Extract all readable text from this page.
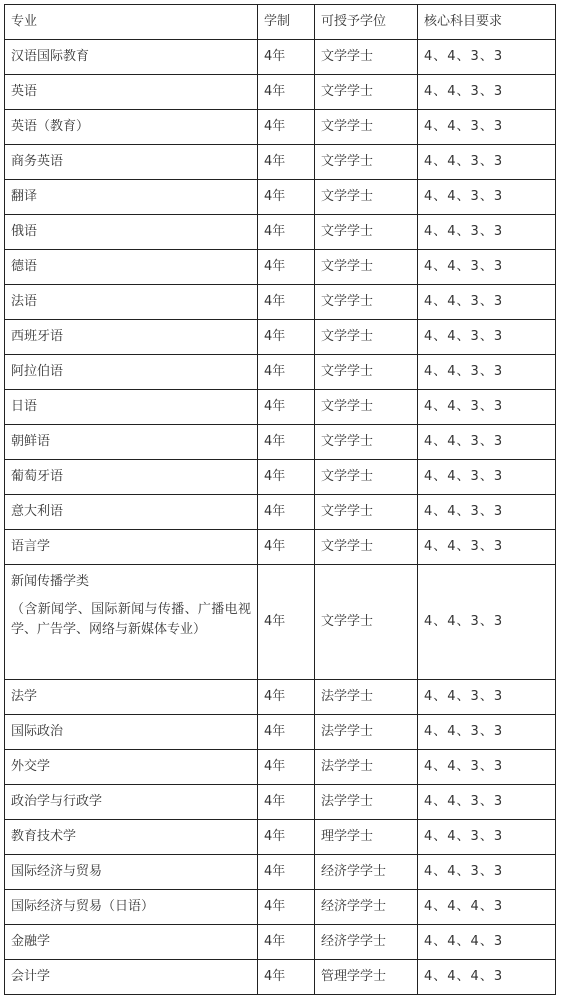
专业	学制	可授予学位	核心科目要求
汉语国际教育	4年	文学学士	4、4、3、3
英语	4年	文学学士	4、4、3、3
英语（教育）	4年	文学学士	4、4、3、3
商务英语	4年	文学学士	4、4、3、3
翻译	4年	文学学士	4、4、3、3
俄语	4年	文学学士	4、4、3、3
德语	4年	文学学士	4、4、3、3
法语	4年	文学学士	4、4、3、3
西班牙语	4年	文学学士	4、4、3、3
阿拉伯语	4年	文学学士	4、4、3、3
日语	4年	文学学士	4、4、3、3
朝鲜语	4年	文学学士	4、4、3、3
葡萄牙语	4年	文学学士	4、4、3、3
意大利语	4年	文学学士	4、4、3、3
语言学	4年	文学学士	4、4、3、3
新闻传播学类
（含新闻学、国际新闻与传播、广播电视学、广告学、网络与新媒体专业）	4年	文学学士	4、4、3、3
法学	4年	法学学士	4、4、3、3
国际政治	4年	法学学士	4、4、3、3
外交学	4年	法学学士	4、4、3、3
政治学与行政学	4年	法学学士	4、4、3、3
教育技术学	4年	理学学士	4、4、3、3
国际经济与贸易	4年	经济学学士	4、4、3、3
国际经济与贸易（日语）	4年	经济学学士	4、4、4、3
金融学	4年	经济学学士	4、4、4、3
会计学	4年	管理学学士	4、4、4、3
